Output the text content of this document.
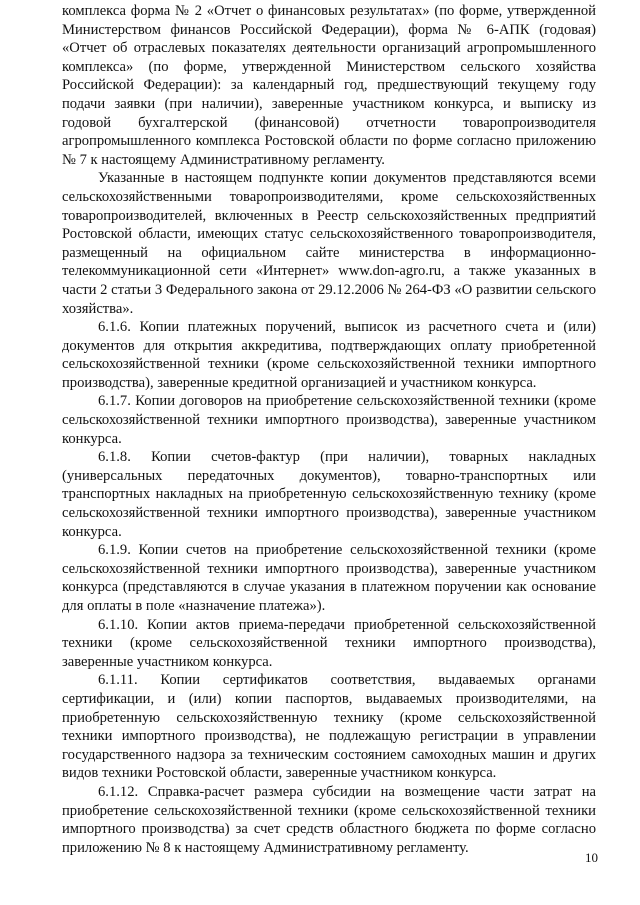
комплекса форма № 2 «Отчет о финансовых результатах» (по форме, утвержденной Министерством финансов Российской Федерации), форма № 6-АПК (годовая) «Отчет об отраслевых показателях деятельности организаций агропромышленного комплекса» (по форме, утвержденной Министерством сельского хозяйства Российской Федерации): за календарный год, предшествующий текущему году подачи заявки (при наличии), заверенные участником конкурса, и выписку из годовой бухгалтерской (финансовой) отчетности товаропроизводителя агропромышленного комплекса Ростовской области по форме согласно приложению № 7 к настоящему Административному регламенту.

Указанные в настоящем подпункте копии документов представляются всеми сельскохозяйственными товаропроизводителями, кроме сельскохозяйственных товаропроизводителей, включенных в Реестр сельскохозяйственных предприятий Ростовской области, имеющих статус сельскохозяйственного товаропроизводителя, размещенный на официальном сайте министерства в информационно-телекоммуникационной сети «Интернет» www.don-agro.ru, а также указанных в части 2 статьи 3 Федерального закона от 29.12.2006 № 264-ФЗ «О развитии сельского хозяйства».

6.1.6. Копии платежных поручений, выписок из расчетного счета и (или) документов для открытия аккредитива, подтверждающих оплату приобретенной сельскохозяйственной техники (кроме сельскохозяйственной техники импортного производства), заверенные кредитной организацией и участником конкурса.

6.1.7. Копии договоров на приобретение сельскохозяйственной техники (кроме сельскохозяйственной техники импортного производства), заверенные участником конкурса.

6.1.8. Копии счетов-фактур (при наличии), товарных накладных (универсальных передаточных документов), товарно-транспортных или транспортных накладных на приобретенную сельскохозяйственную технику (кроме сельскохозяйственной техники импортного производства), заверенные участником конкурса.

6.1.9. Копии счетов на приобретение сельскохозяйственной техники (кроме сельскохозяйственной техники импортного производства), заверенные участником конкурса (представляются в случае указания в платежном поручении как основание для оплаты в поле «назначение платежа»).

6.1.10. Копии актов приема-передачи приобретенной сельскохозяйственной техники (кроме сельскохозяйственной техники импортного производства), заверенные участником конкурса.

6.1.11. Копии сертификатов соответствия, выдаваемых органами сертификации, и (или) копии паспортов, выдаваемых производителями, на приобретенную сельскохозяйственную технику (кроме сельскохозяйственной техники импортного производства), не подлежащую регистрации в управлении государственного надзора за техническим состоянием самоходных машин и других видов техники Ростовской области, заверенные участником конкурса.

6.1.12. Справка-расчет размера субсидии на возмещение части затрат на приобретение сельскохозяйственной техники (кроме сельскохозяйственной техники импортного производства) за счет средств областного бюджета по форме согласно приложению № 8 к настоящему Административному регламенту.

10
